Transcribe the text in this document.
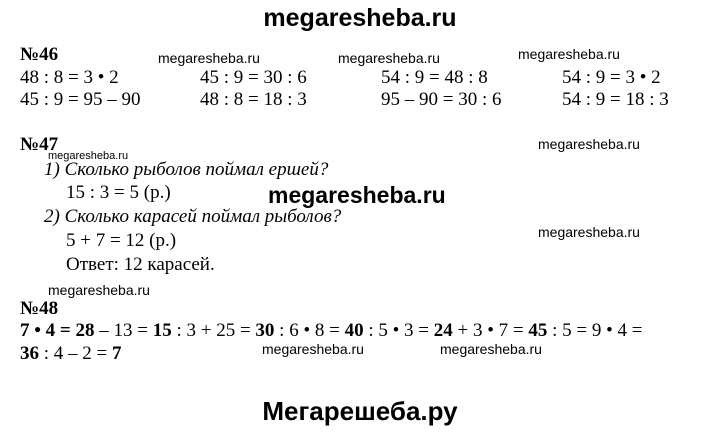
megaresheba.ru
megaresheba.ru	megaresheba.ru	megaresheba.ru
megaresheba.ru
megaresheba.ru
megaresheba.ru
megaresheba.ru
megaresheba.ru
megaresheba.ru	megaresheba.ru
№46
48 : 8 = 3 • 2	45 : 9 = 30 : 6	54 : 9 = 48 : 8	54 : 9 = 3 • 2
45 : 9 = 95 – 90	48 : 8 = 18 : 3	95 – 90 = 30 : 6	54 : 9 = 18 : 3
№47
1) Сколько рыболов поймал ершей?
15 : 3 = 5 (р.)
2) Сколько карасей поймал рыболов?
5 + 7 = 12 (р.)
Ответ: 12 карасей.
№48
7 • 4 = 28 – 13 = 15 : 3 + 25 = 30 : 6 • 8 = 40 : 5 • 3 = 24 + 3 • 7 = 45 : 5 = 9 • 4 =
36 : 4 – 2 = 7
Мегарешеба.ру
